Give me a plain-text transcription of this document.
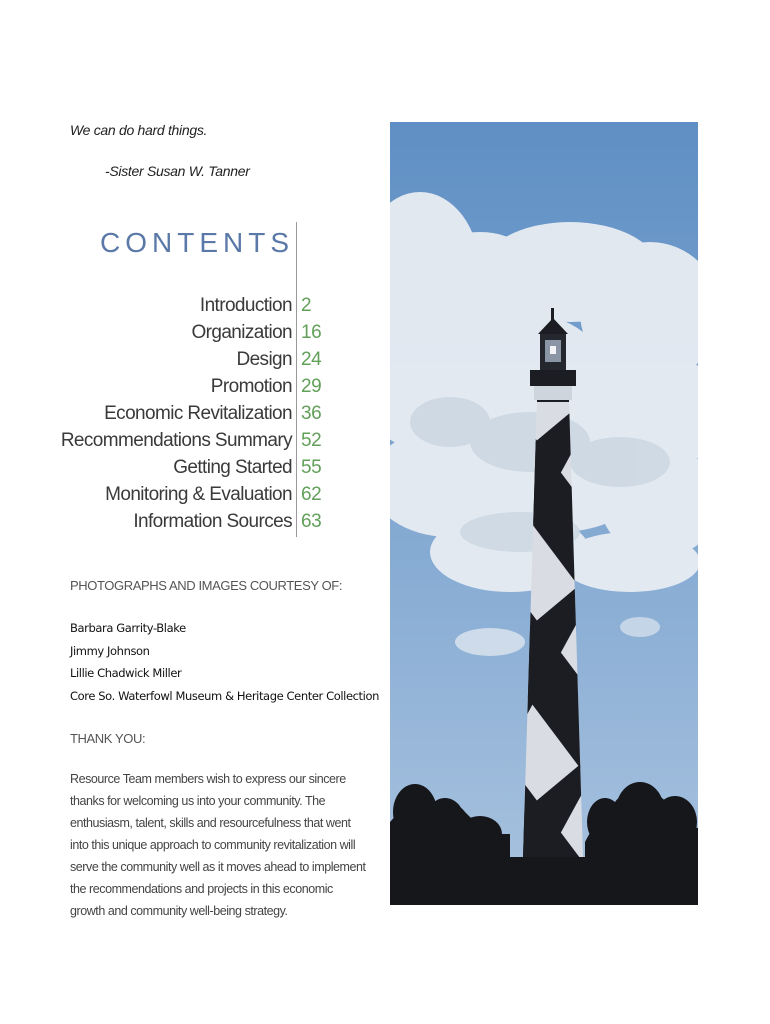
We can do hard things.
-Sister Susan W. Tanner
CONTENTS
Introduction 2
Organization 16
Design 24
Promotion 29
Economic Revitalization 36
Recommendations Summary 52
Getting Started 55
Monitoring & Evaluation 62
Information Sources 63
PHOTOGRAPHS AND IMAGES COURTESY OF:
Barbara Garrity-Blake
Jimmy Johnson
Lillie Chadwick Miller
Core So. Waterfowl Museum & Heritage Center Collection
THANK YOU:
Resource Team members wish to express our sincere thanks for welcoming us into your community. The enthusiasm, talent, skills and resourcefulness that went into this unique approach to community revitalization will serve the community well as it moves ahead to implement the recommendations and projects in this economic growth and community well-being strategy.
